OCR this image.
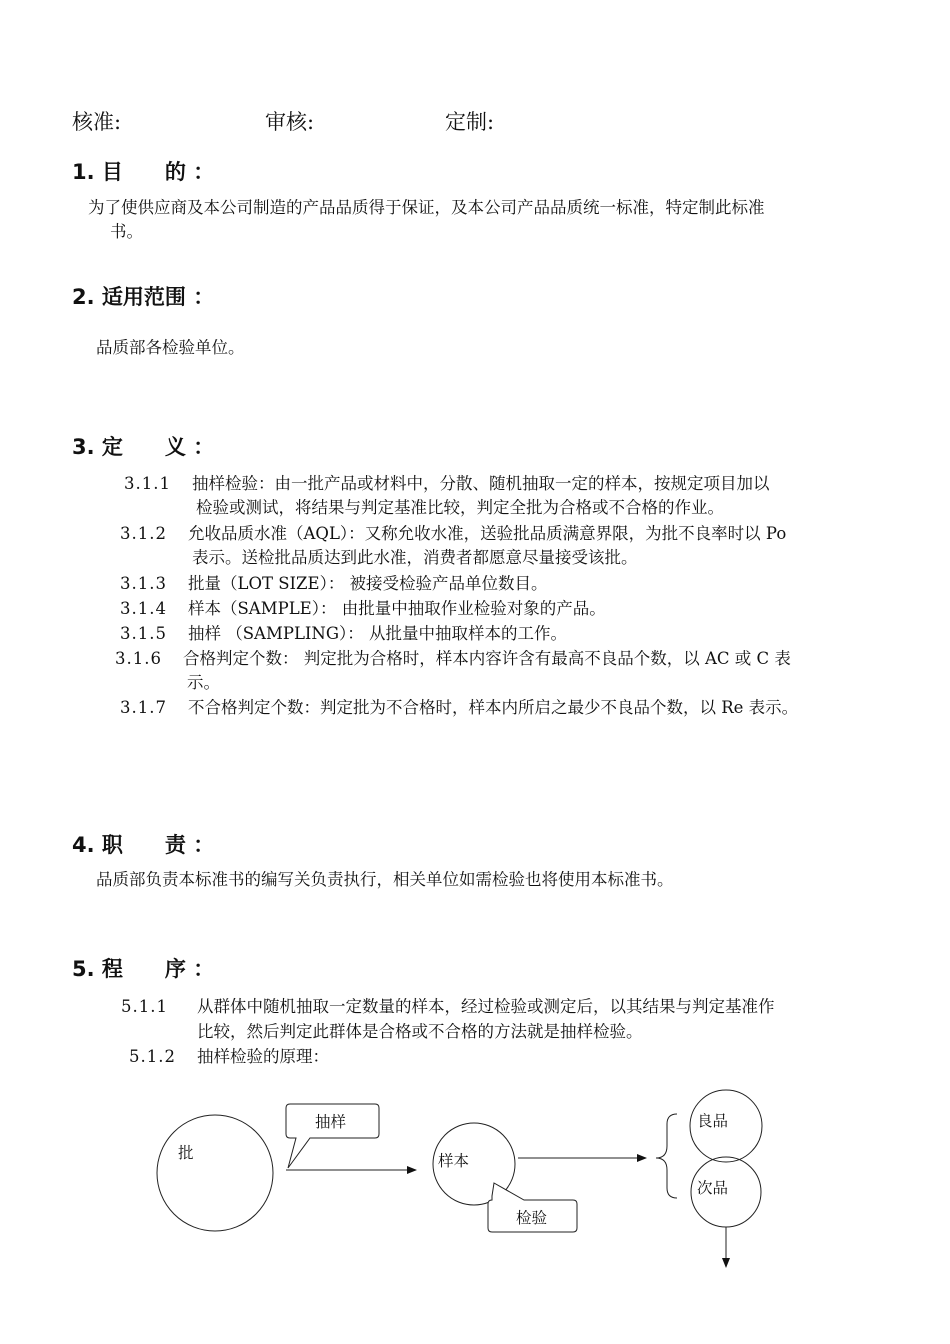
核准:	审核:	定制:
1. 目　　的 ：
为了使供应商及本公司制造的产品品质得于保证，及本公司产品品质统一标准，特定制此标准
书。
2. 适用范围 ：
品质部各检验单位。
3. 定　　义 ：
3.1.1 抽样检验：由一批产品或材料中，分散、随机抽取一定的样本，按规定项目加以
检验或测试，将结果与判定基准比较，判定全批为合格或不合格的作业。
3.1.2 允收品质水准（AQL）：又称允收水准，送验批品质满意界限，为批不良率时以 Po
表示。送检批品质达到此水准，消费者都愿意尽量接受该批。
3.1.3 批量（LOT SIZE）： 被接受检验产品单位数目。
3.1.4 样本（SAMPLE）： 由批量中抽取作业检验对象的产品。
3.1.5 抽样 （SAMPLING）： 从批量中抽取样本的工作。
3.1.6 合格判定个数： 判定批为合格时，样本内容许含有最高不良品个数，以 AC 或 C 表
示。
3.1.7 不合格判定个数：判定批为不合格时，样本内所启之最少不良品个数，以 Re 表示。
4. 职　　责 ：
品质部负责本标准书的编写关负责执行，相关单位如需检验也将使用本标准书。
5. 程　　序 ：
5.1.1 从群体中随机抽取一定数量的样本，经过检验或测定后，以其结果与判定基准作
比较，然后判定此群体是合格或不合格的方法就是抽样检验。
5.1.2 抽样检验的原理：
批
抽样
样本
检验
良品
次品
